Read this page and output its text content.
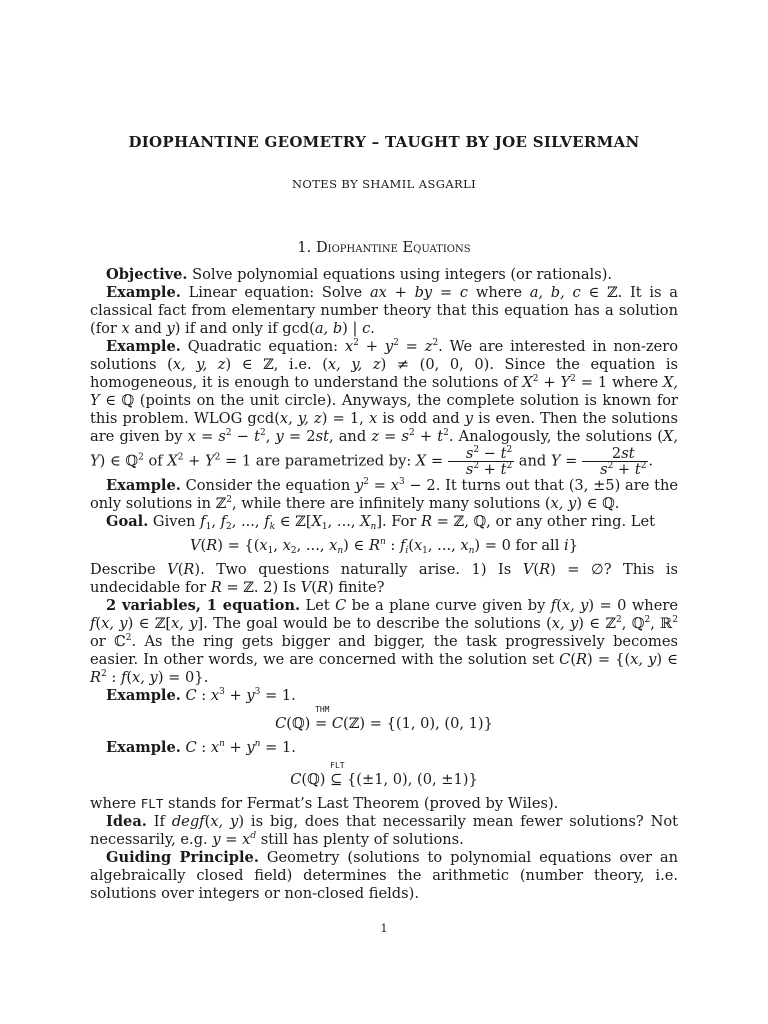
DIOPHANTINE GEOMETRY – TAUGHT BY JOE SILVERMAN
NOTES BY SHAMIL ASGARLI
1. Diophantine Equations

Objective. Solve polynomial equations using integers (or rationals).

Example. Linear equation: Solve ax + by = c where a, b, c ∈ ℤ. It is a classical fact from elementary number theory that this equation has a solution (for x and y) if and only if gcd(a, b) | c.

Example. Quadratic equation: $x^2 + y^2 = z^2$. We are interested in non-zero solutions (x, y, z) ∈ ℤ, i.e. (x, y, z) ≠ (0, 0, 0). Since the equation is homogeneous, it is enough to understand the solutions of $X^2 + Y^2 = 1$ where X, Y ∈ ℚ (points on the unit circle). Anyways, the complete solution is known for this problem. WLOG gcd(x, y, z) = 1, x is odd and y is even. Then the solutions are given by $x = s^2 - t^2$, y = 2st, and $z = s^2 + t^2$. Analogously, the solutions (X, Y) ∈ ℚ$^2$ of $X^2 + Y^2 = 1$ are parametrized by: $X = \frac{s^2 - t^2}{s^2 + t^2}$ and $Y = \frac{2st}{s^2 + t^2}$ .

Example. Consider the equation $y^2 = x^3 - 2$. It turns out that (3, ±5) are the only solutions in ℤ$^2$, while there are infinitely many solutions (x, y) ∈ ℚ.

Goal. Given $f_1$, $f_2$, ..., $f_k$ ∈ $ℤ[X_1$, ..., $X_n$]. For R = ℤ, ℚ, or any other ring. Let

$V(R) = \{(x_1$, $x_2$, ..., $x_n$) ∈ $R^n$ : $f_i(x_1$, ..., $x_n) = 0$ for all i}

Describe V(R). Two questions naturally arise. 1) Is V(R) = ∅? This is undecidable for R = ℤ. 2) Is V(R) finite?

2 variables, 1 equation. Let C be a plane curve given by f(x, y) = 0 where f(x, y) ∈ ℤ[x, y]. The goal would be to describe the solutions (x, y) ∈ ℤ$^2$, ℚ$^2$, ℝ$^2$ or ℂ$^2$. As the ring gets bigger and bigger, the task progressively becomes easier. In other words, we are concerned with the solution set C(R) = {(x, y) ∈ $R^2$ : f(x, y) = 0}.

Example. C : $x^3 + y^3 = 1$.

C(ℚ)
THM
= C(ℤ) = {(1, 0), (0, 1)}

Example. C : $x^n + y^n = 1$.

C(ℚ)
FLT
⊆ {(±1, 0), (0, ±1)}

where FLT stands for Fermat’s Last Theorem (proved by Wiles).

Idea. If degf(x, y) is big, does that necessarily mean fewer solutions? Not necessarily, e.g. $y = x^d$ still has plenty of solutions.

Guiding Principle. Geometry (solutions to polynomial equations over an algebraically closed field) determines the arithmetic (number theory, i.e. solutions over integers or non-closed fields).

1
